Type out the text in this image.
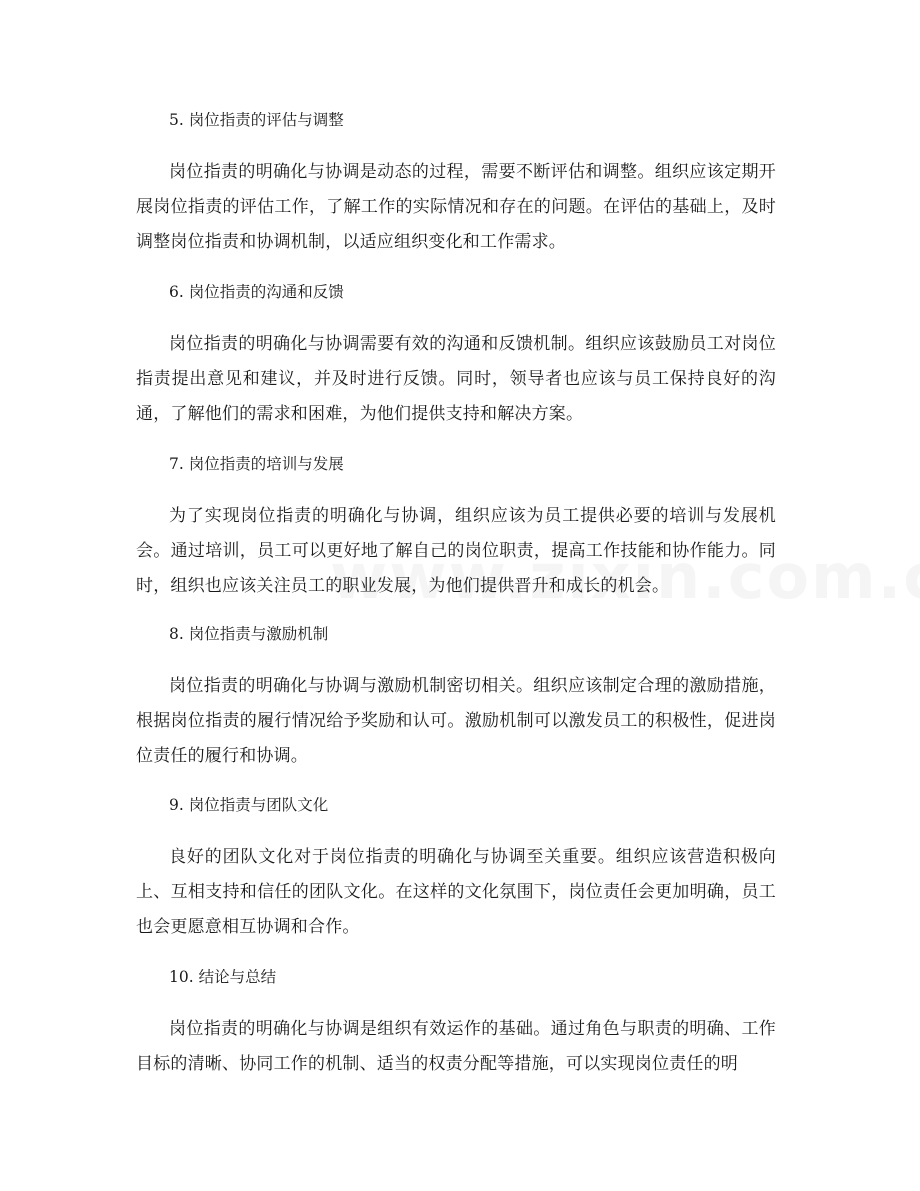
5. 岗位指责的评估与调整

岗位指责的明确化与协调是动态的过程，需要不断评估和调整。组织应该定期开展岗位指责的评估工作，了解工作的实际情况和存在的问题。在评估的基础上，及时调整岗位指责和协调机制，以适应组织变化和工作需求。

6. 岗位指责的沟通和反馈

岗位指责的明确化与协调需要有效的沟通和反馈机制。组织应该鼓励员工对岗位指责提出意见和建议，并及时进行反馈。同时，领导者也应该与员工保持良好的沟通，了解他们的需求和困难，为他们提供支持和解决方案。

7. 岗位指责的培训与发展

为了实现岗位指责的明确化与协调，组织应该为员工提供必要的培训与发展机会。通过培训，员工可以更好地了解自己的岗位职责，提高工作技能和协作能力。同时，组织也应该关注员工的职业发展，为他们提供晋升和成长的机会。

8. 岗位指责与激励机制

岗位指责的明确化与协调与激励机制密切相关。组织应该制定合理的激励措施，根据岗位指责的履行情况给予奖励和认可。激励机制可以激发员工的积极性，促进岗位责任的履行和协调。

9. 岗位指责与团队文化

良好的团队文化对于岗位指责的明确化与协调至关重要。组织应该营造积极向上、互相支持和信任的团队文化。在这样的文化氛围下，岗位责任会更加明确，员工也会更愿意相互协调和合作。

10. 结论与总结

岗位指责的明确化与协调是组织有效运作的基础。通过角色与职责的明确、工作目标的清晰、协同工作的机制、适当的权责分配等措施，可以实现岗位责任的明
